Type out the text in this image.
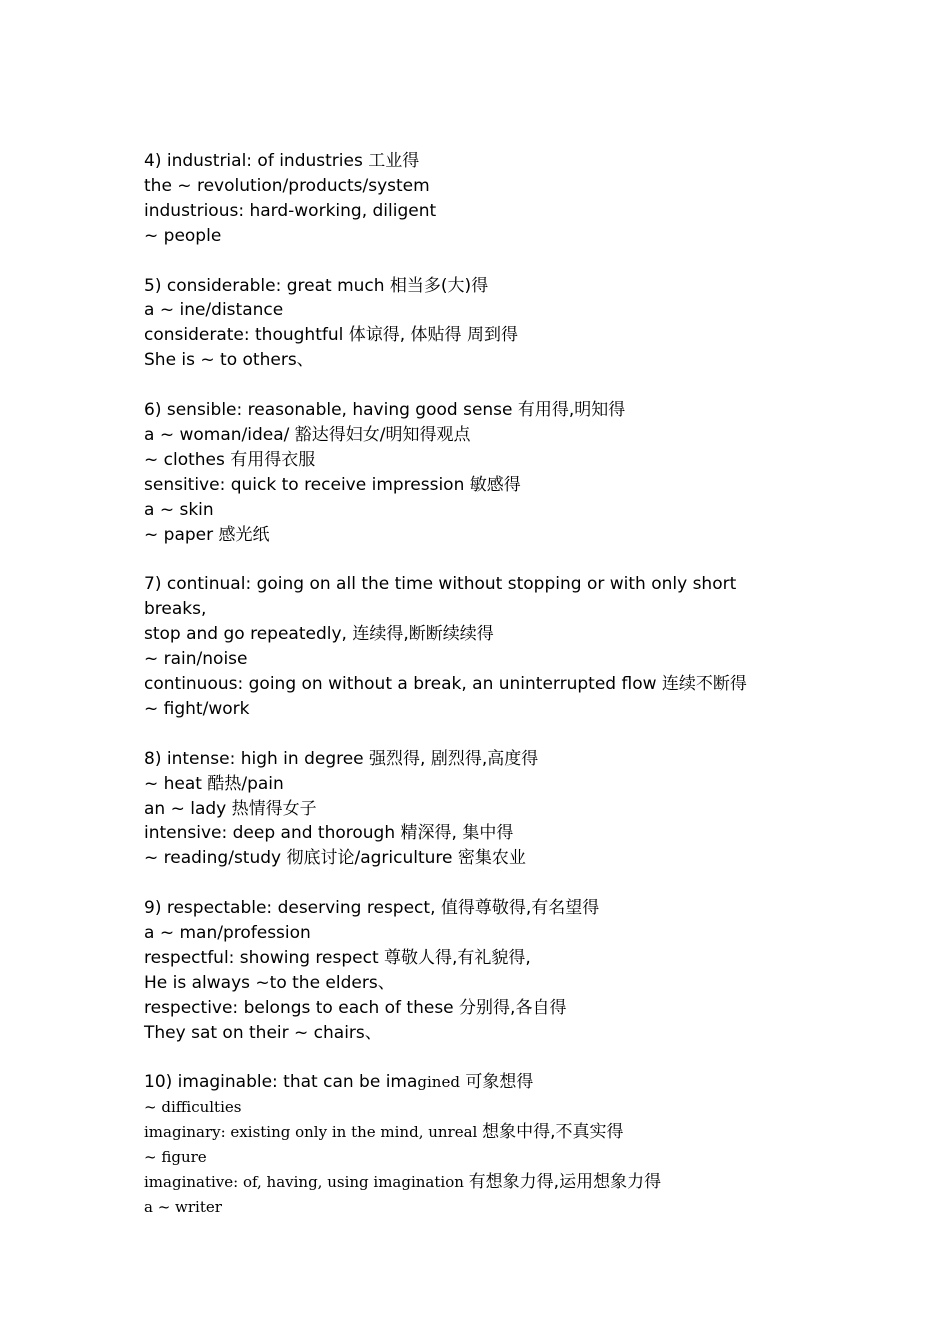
4) industrial: of industries 工业得
the ~ revolution/products/system
industrious: hard-working, diligent
~ people
5) considerable: great much 相当多(大)得
a ~ ine/distance
considerate: thoughtful 体谅得, 体贴得 周到得
She is ~ to others、
6) sensible: reasonable, having good sense 有用得,明知得
a ~ woman/idea/ 豁达得妇女/明知得观点
~ clothes 有用得衣服
sensitive: quick to receive impression 敏感得
a ~ skin
~ paper 感光纸
7) continual: going on all the time without stopping or with only short breaks,
stop and go repeatedly, 连续得,断断续续得
~ rain/noise
continuous: going on without a break, an uninterrupted flow 连续不断得
~ fight/work
8) intense: high in degree 强烈得, 剧烈得,高度得
~ heat 酷热/pain
an ~ lady 热情得女子
intensive: deep and thorough 精深得, 集中得
~ reading/study 彻底讨论/agriculture 密集农业
9) respectable: deserving respect, 值得尊敬得,有名望得
a ~ man/profession
respectful: showing respect 尊敬人得,有礼貌得,
He is always ~to the elders、
respective: belongs to each of these 分别得,各自得
They sat on their ~ chairs、
10) imaginable: that can be imagined 可象想得
~ difficulties
imaginary: existing only in the mind, unreal 想象中得,不真实得
~ figure
imaginative: of, having, using imagination 有想象力得,运用想象力得
a ~ writer
